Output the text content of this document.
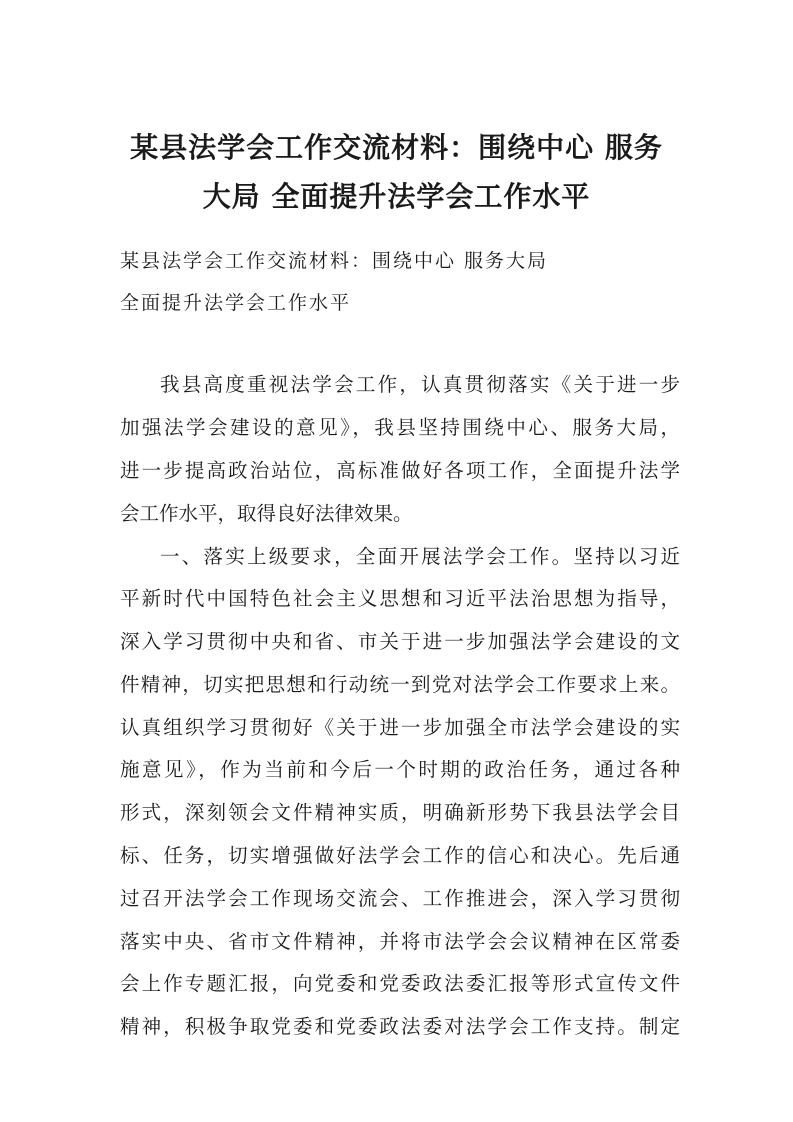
某县法学会工作交流材料：围绕中心 服务
大局 全面提升法学会工作水平
某县法学会工作交流材料：围绕中心 服务大局
全面提升法学会工作水平
我县高度重视法学会工作，认真贯彻落实《关于进一步
加强法学会建设的意见》，我县坚持围绕中心、服务大局，
进一步提高政治站位，高标准做好各项工作，全面提升法学
会工作水平，取得良好法律效果。
一、落实上级要求，全面开展法学会工作。坚持以习近
平新时代中国特色社会主义思想和习近平法治思想为指导，
深入学习贯彻中央和省、市关于进一步加强法学会建设的文
件精神，切实把思想和行动统一到党对法学会工作要求上来。
认真组织学习贯彻好《关于进一步加强全市法学会建设的实
施意见》，作为当前和今后一个时期的政治任务，通过各种
形式，深刻领会文件精神实质，明确新形势下我县法学会目
标、任务，切实增强做好法学会工作的信心和决心。先后通
过召开法学会工作现场交流会、工作推进会，深入学习贯彻
落实中央、省市文件精神，并将市法学会会议精神在区常委
会上作专题汇报，向党委和党委政法委汇报等形式宣传文件
精神，积极争取党委和党委政法委对法学会工作支持。制定
